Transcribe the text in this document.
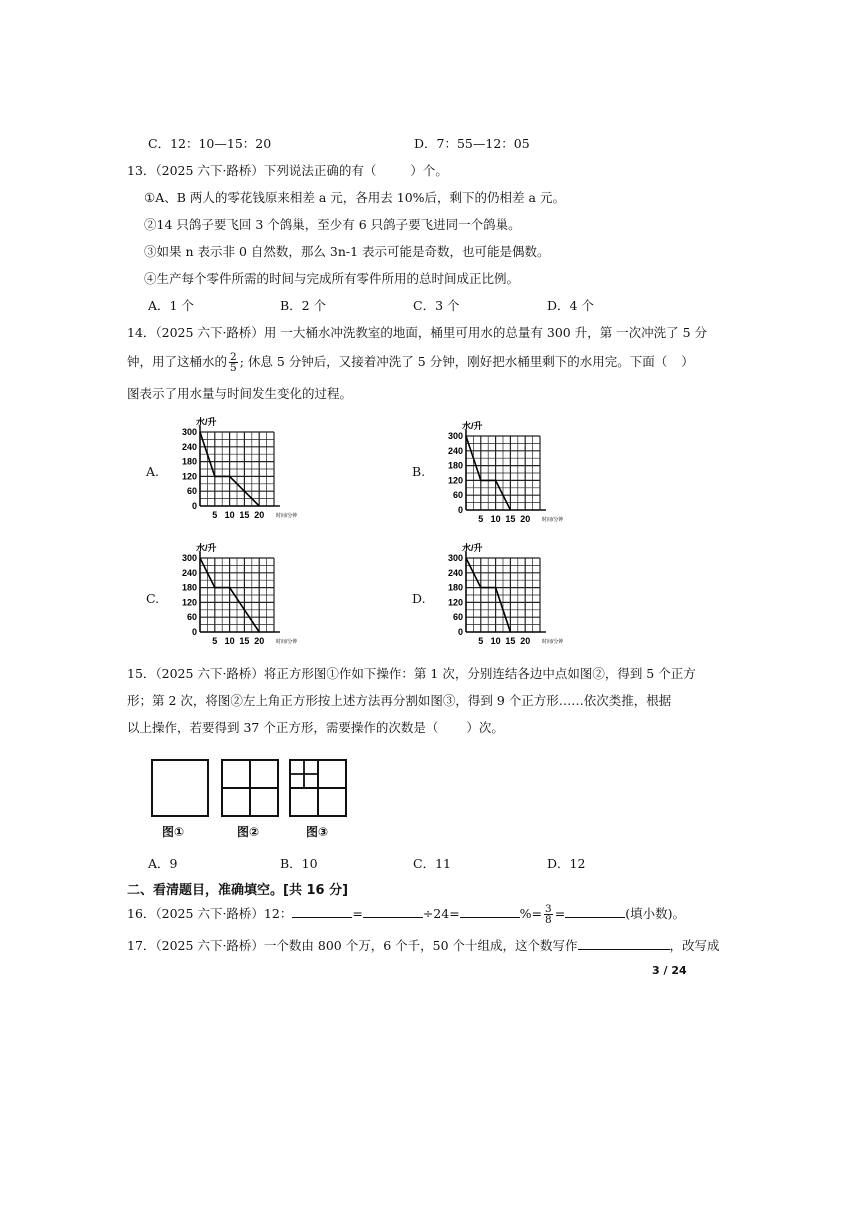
C．12：10—15：20	D．7：55—12：05
13．（2025 六下·路桥）下列说法正确的有（	）个。
①A、B 两人的零花钱原来相差 a 元，各用去 10%后，剩下的仍相差 a 元。
②14 只鸽子要飞回 3 个鸽巢，至少有 6 只鸽子要飞进同一个鸽巢。
③如果 n 表示非 0 自然数，那么 3n-1 表示可能是奇数，也可能是偶数。
④生产每个零件所需的时间与完成所有零件所用的总时间成正比例。
A．1 个	B．2 个	C．3 个	D．4 个
14．（2025 六下·路桥）用 一大桶水冲洗教室的地面，桶里可用水的总量有 300 升，第 一次冲洗了 5 分
钟，用了这桶水的 $\frac{2}{5}$ ; 休息 5 分钟后，又接着冲洗了 5 分钟，刚好把水桶里剩下的水用完。下面（ ）
图表示了用水量与时间发生变化的过程。
A.	B.
C.	D.
水/升
时间/分钟
300
240
180
120
60
0
5 10 15 20
水/升
时间/分钟
300
240
180
120
60
0
5 10 15 20
水/升
时间/分钟
300
240
180
120
60
0
5 10 15 20
水/升
时间/分钟
300
240
180
120
60
0
5 10 15 20
15．（2025 六下·路桥）将正方形图①作如下操作：第 1 次，分别连结各边中点如图②，得到 5 个正方
形；第 2 次，将图②左上角正方形按上述方法再分割如图③，得到 9 个正方形……依次类推，根据
以上操作，若要得到 37 个正方形，需要操作的次数是（ ）次。
图①	图②	图③
A．9	B．10	C．11	D．12
二、看清题目，准确填空。[共 16 分]
16．（2025 六下·路桥）12：	=	÷24=	%= $\frac{3}{8}$ =	(填小数)。
17．（2025 六下·路桥）一个数由 800 个万，6 个千，50 个十组成，这个数写作	，改写成
3 / 24
